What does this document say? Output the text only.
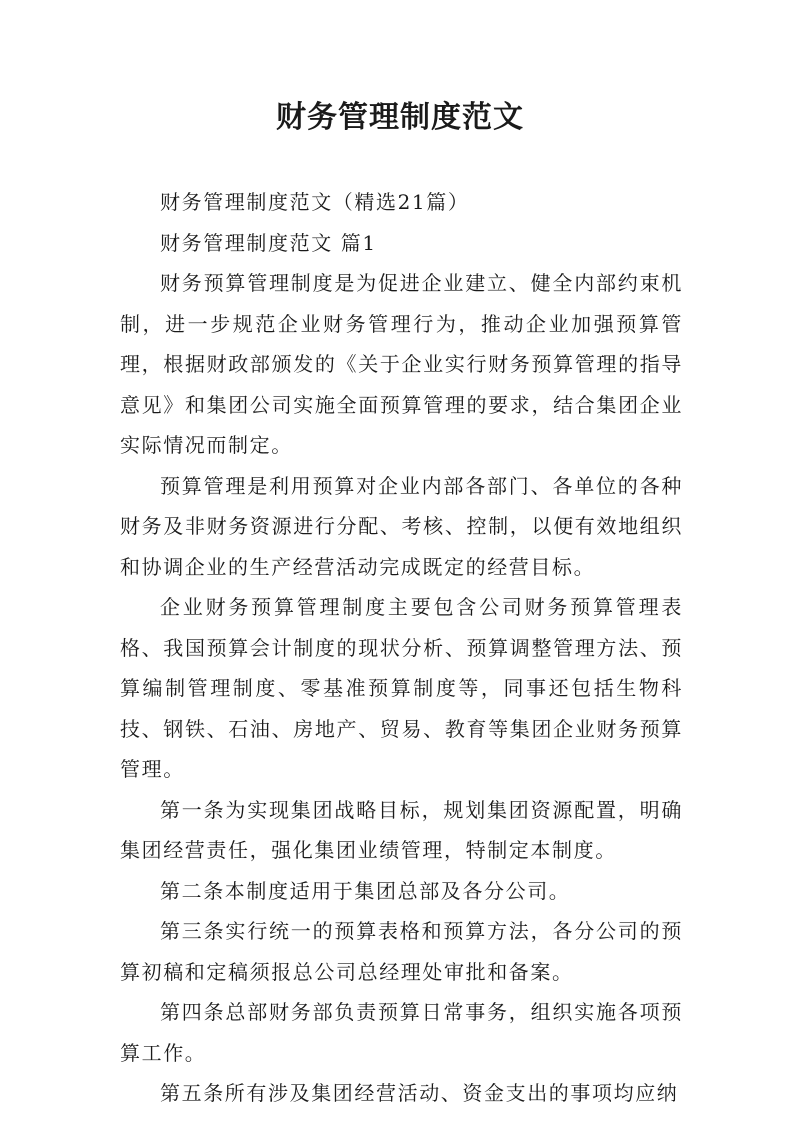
财务管理制度范文

财务管理制度范文（精选21篇）

财务管理制度范文 篇1

财务预算管理制度是为促进企业建立、健全内部约束机制，进一步规范企业财务管理行为，推动企业加强预算管理，根据财政部颁发的《关于企业实行财务预算管理的指导意见》和集团公司实施全面预算管理的要求，结合集团企业实际情况而制定。

预算管理是利用预算对企业内部各部门、各单位的各种财务及非财务资源进行分配、考核、控制，以便有效地组织和协调企业的生产经营活动完成既定的经营目标。

企业财务预算管理制度主要包含公司财务预算管理表格、我国预算会计制度的现状分析、预算调整管理方法、预算编制管理制度、零基准预算制度等，同事还包括生物科技、钢铁、石油、房地产、贸易、教育等集团企业财务预算管理。

第一条为实现集团战略目标，规划集团资源配置，明确集团经营责任，强化集团业绩管理，特制定本制度。

第二条本制度适用于集团总部及各分公司。

第三条实行统一的预算表格和预算方法，各分公司的预算初稿和定稿须报总公司总经理处审批和备案。

第四条总部财务部负责预算日常事务，组织实施各项预算工作。

第五条所有涉及集团经营活动、资金支出的事项均应纳
